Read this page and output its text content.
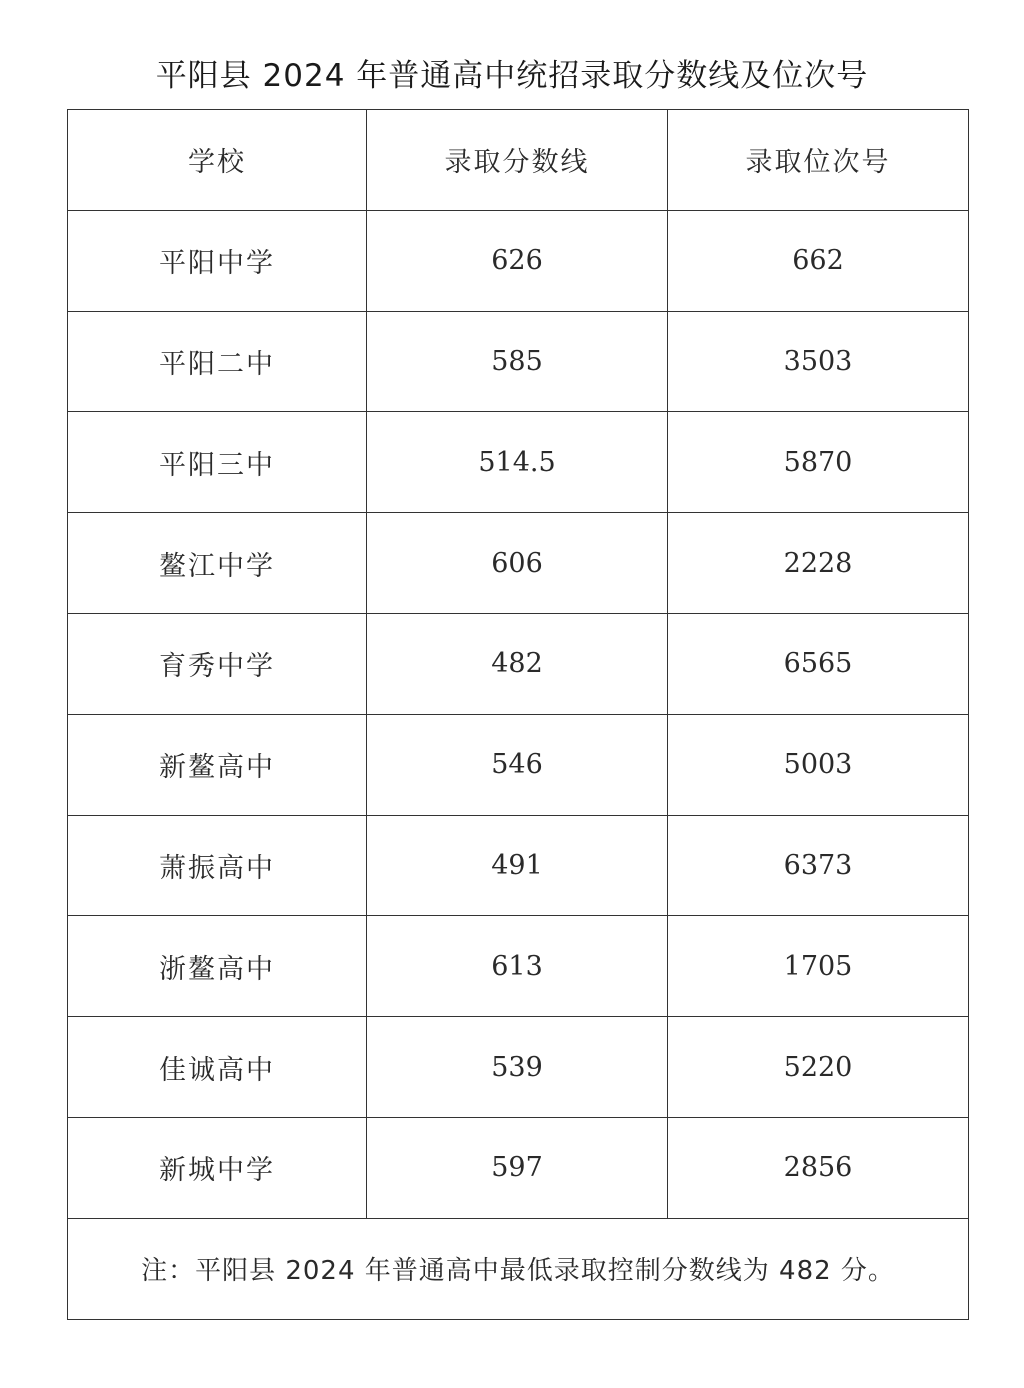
平阳县 2024 年普通高中统招录取分数线及位次号
学校	录取分数线	录取位次号
平阳中学	626	662
平阳二中	585	3503
平阳三中	514.5	5870
鳌江中学	606	2228
育秀中学	482	6565
新鳌高中	546	5003
萧振高中	491	6373
浙鳌高中	613	1705
佳诚高中	539	5220
新城中学	597	2856
注：平阳县 2024 年普通高中最低录取控制分数线为 482 分。		
